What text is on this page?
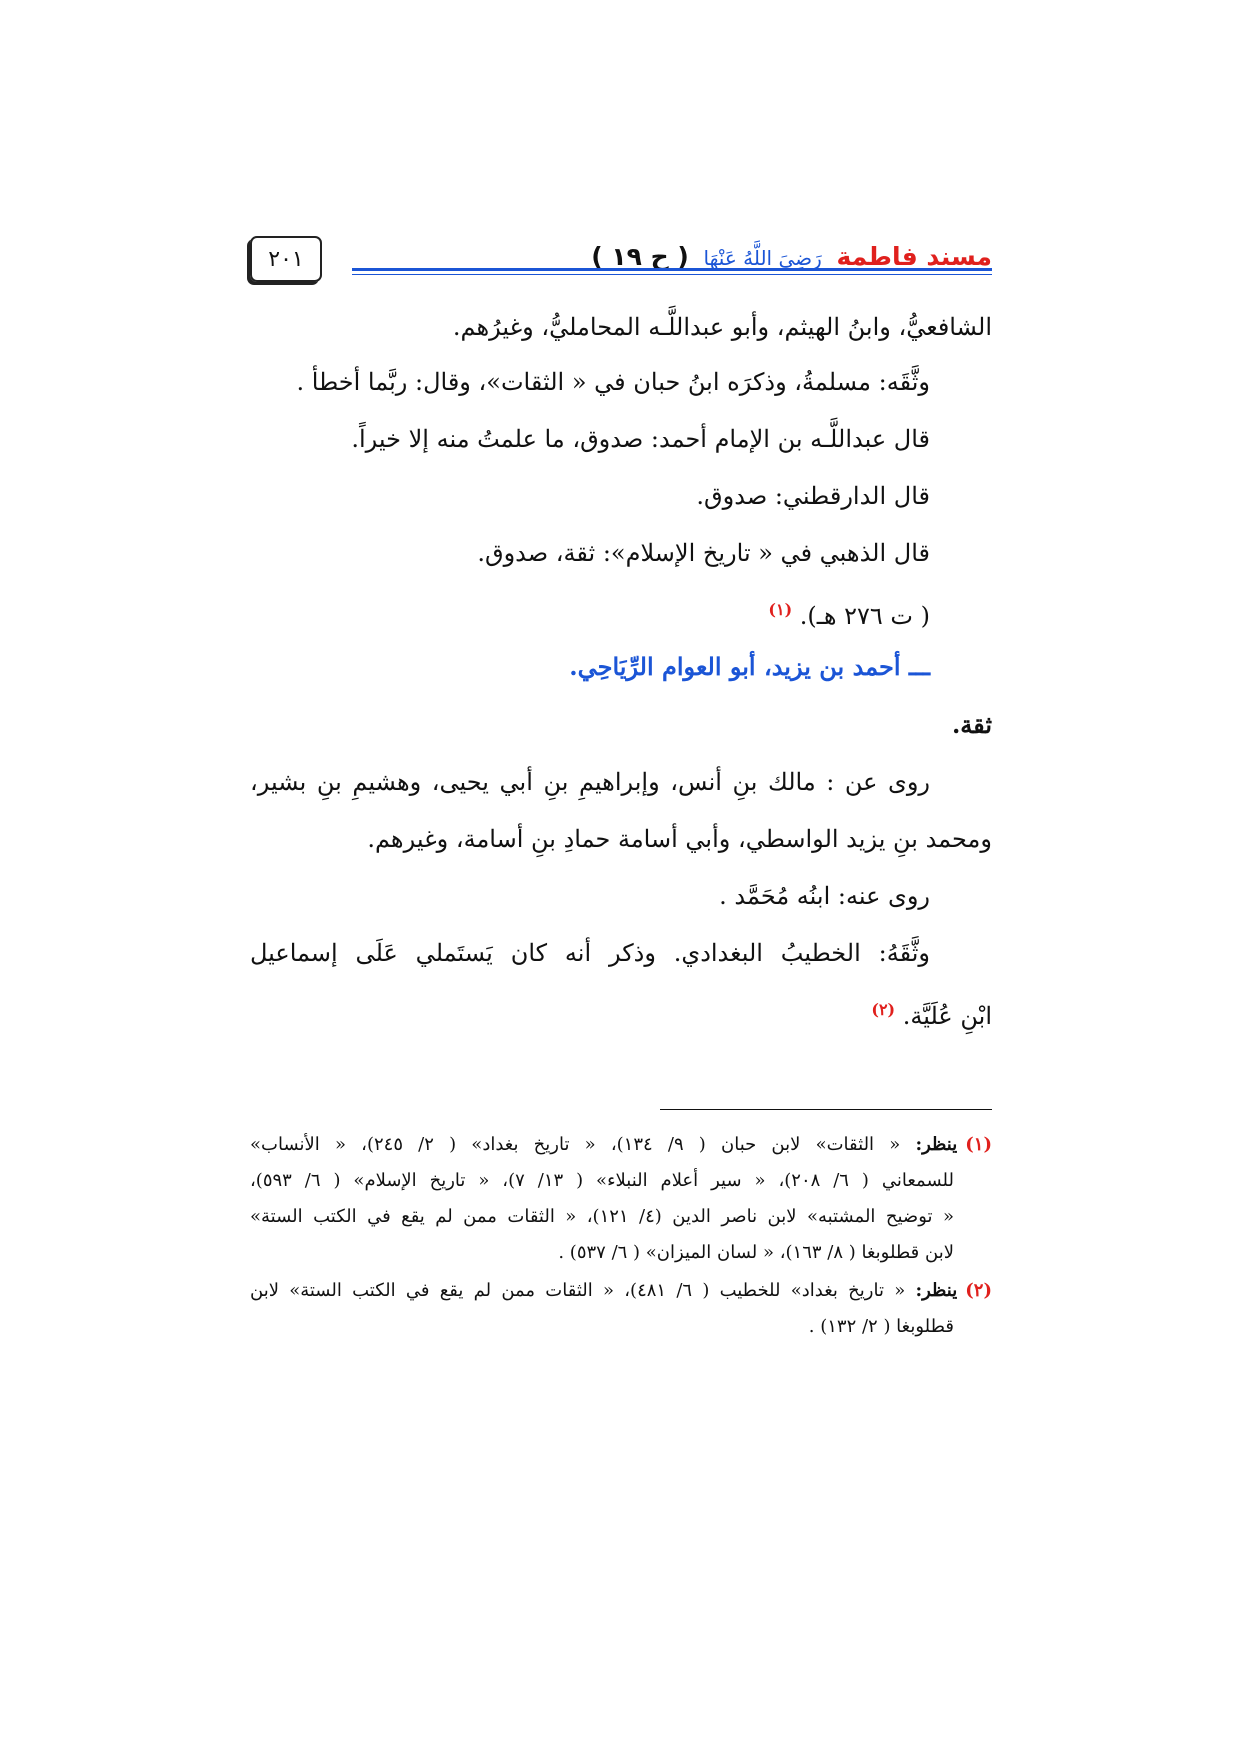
مسند فاطمة رَضِيَ اللَّهُ عَنْهَا ( ح ١٩ )
٢٠١
الشافعيُّ، وابنُ الهيثم، وأبو عبداللَّـه المحامليُّ، وغيرُهم.
وثَّقَه: مسلمةُ، وذكرَه ابنُ حبان في « الثقات»، وقال: ربَّما أخطأ .
قال عبداللَّـه بن الإمام أحمد: صدوق، ما علمتُ منه إلا خيراً.
قال الدارقطني: صدوق.
قال الذهبي في « تاريخ الإسلام»: ثقة، صدوق.
( ت ٢٧٦ هـ). $^{(١)}$
ـــ أحمد بن يزيد، أبو العوام الرِّيَاحِي.
ثقة.
روى عن : مالك بنِ أنس، وإبراهيمِ بنِ أبي يحيى، وهشيمِ بنِ بشير،
ومحمد بنِ يزيد الواسطي، وأبي أسامة حمادِ بنِ أسامة، وغيرهم.
روى عنه: ابنُه مُحَمَّد .
وثَّقَهُ: الخطيبُ البغدادي. وذكر أنه كان يَستَملي عَلَى إسماعيل
ابْنِ عُلَيَّة. $^{(٢)}$
(١)ينظر: « الثقات» لابن حبان ( ٩/ ١٣٤)، « تاريخ بغداد» ( ٢/ ٢٤٥)، « الأنساب»
للسمعاني ( ٦/ ٢٠٨)، « سير أعلام النبلاء» ( ١٣/ ٧)، « تاريخ الإسلام» ( ٦/ ٥٩٣)،
« توضيح المشتبه» لابن ناصر الدين (٤/ ١٢١)، « الثقات ممن لم يقع في الكتب الستة»
لابن قطلوبغا ( ٨/ ١٦٣)، « لسان الميزان» ( ٦/ ٥٣٧) .
(٢)ينظر: « تاريخ بغداد» للخطيب ( ٦/ ٤٨١)، « الثقات ممن لم يقع في الكتب الستة» لابن
قطلوبغا ( ٢/ ١٣٢) .
